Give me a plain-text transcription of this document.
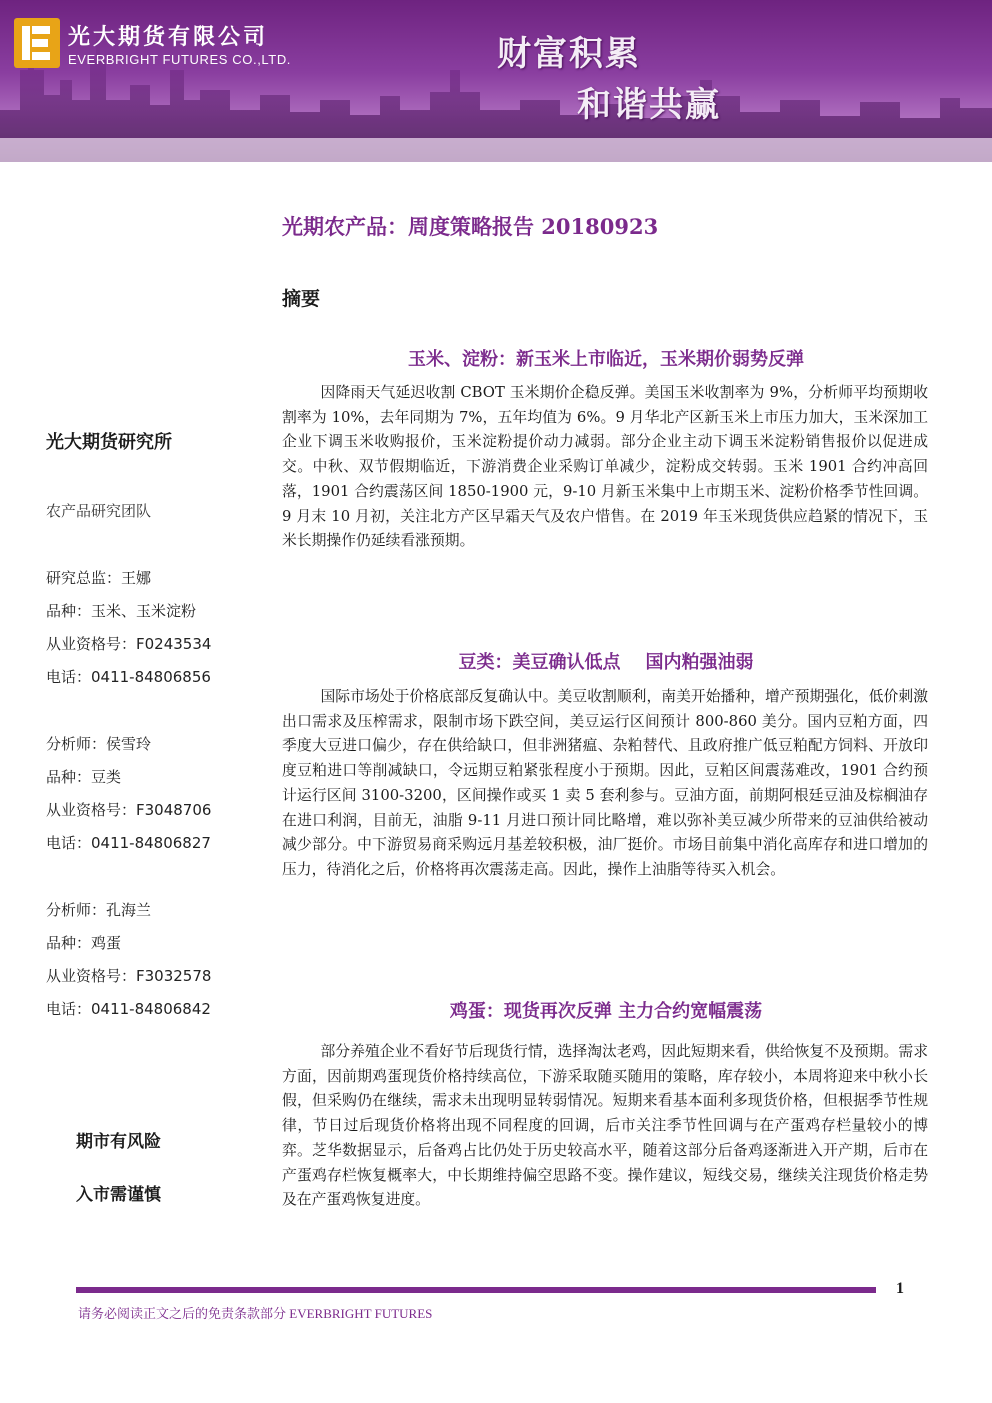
光大期货有限公司
EVERBRIGHT FUTURES CO.,LTD.	财富积累
和谐共赢
光大期货研究所
农产品研究团队
研究总监：王娜
品种：玉米、玉米淀粉
从业资格号：F0243534
电话：0411-84806856
分析师：侯雪玲
品种：豆类
从业资格号：F3048706
电话：0411-84806827
分析师：孔海兰
品种：鸡蛋
从业资格号：F3032578
电话：0411-84806842
期市有风险
入市需谨慎
光期农产品：周度策略报告 20180923
摘要
玉米、淀粉：新玉米上市临近，玉米期价弱势反弹
因降雨天气延迟收割 CBOT 玉米期价企稳反弹。美国玉米收割率为 9%，分析师平均预期收割率为 10%，去年同期为 7%，五年均值为 6%。9 月华北产区新玉米上市压力加大，玉米深加工企业下调玉米收购报价，玉米淀粉提价动力减弱。部分企业主动下调玉米淀粉销售报价以促进成交。中秋、双节假期临近，下游消费企业采购订单减少，淀粉成交转弱。玉米 1901 合约冲高回落，1901 合约震荡区间 1850-1900 元，9-10 月新玉米集中上市期玉米、淀粉价格季节性回调。9 月末 10 月初，关注北方产区早霜天气及农户惜售。在 2019 年玉米现货供应趋紧的情况下，玉米长期操作仍延续看涨预期。
豆类：美豆确认低点    国内粕强油弱
国际市场处于价格底部反复确认中。美豆收割顺利，南美开始播种，增产预期强化，低价刺激出口需求及压榨需求，限制市场下跌空间，美豆运行区间预计 800-860 美分。国内豆粕方面，四季度大豆进口偏少，存在供给缺口，但非洲猪瘟、杂粕替代、且政府推广低豆粕配方饲料、开放印度豆粕进口等削减缺口，令远期豆粕紧张程度小于预期。因此，豆粕区间震荡难改，1901 合约预计运行区间 3100-3200，区间操作或买 1 卖 5 套利参与。豆油方面，前期阿根廷豆油及棕榈油存在进口利润，目前无，油脂 9-11 月进口预计同比略增，难以弥补美豆减少所带来的豆油供给被动减少部分。中下游贸易商采购远月基差较积极，油厂挺价。市场目前集中消化高库存和进口增加的压力，待消化之后，价格将再次震荡走高。因此，操作上油脂等待买入机会。
鸡蛋：现货再次反弹 主力合约宽幅震荡
部分养殖企业不看好节后现货行情，选择淘汰老鸡，因此短期来看，供给恢复不及预期。需求方面，因前期鸡蛋现货价格持续高位，下游采取随买随用的策略，库存较小，本周将迎来中秋小长假，但采购仍在继续，需求未出现明显转弱情况。短期来看基本面利多现货价格，但根据季节性规律，节日过后现货价格将出现不同程度的回调，后市关注季节性回调与在产蛋鸡存栏量较小的博弈。芝华数据显示，后备鸡占比仍处于历史较高水平，随着这部分后备鸡逐渐进入开产期，后市在产蛋鸡存栏恢复概率大，中长期维持偏空思路不变。操作建议，短线交易，继续关注现货价格走势及在产蛋鸡恢复进度。
1
请务必阅读正文之后的免责条款部分 EVERBRIGHT FUTURES
